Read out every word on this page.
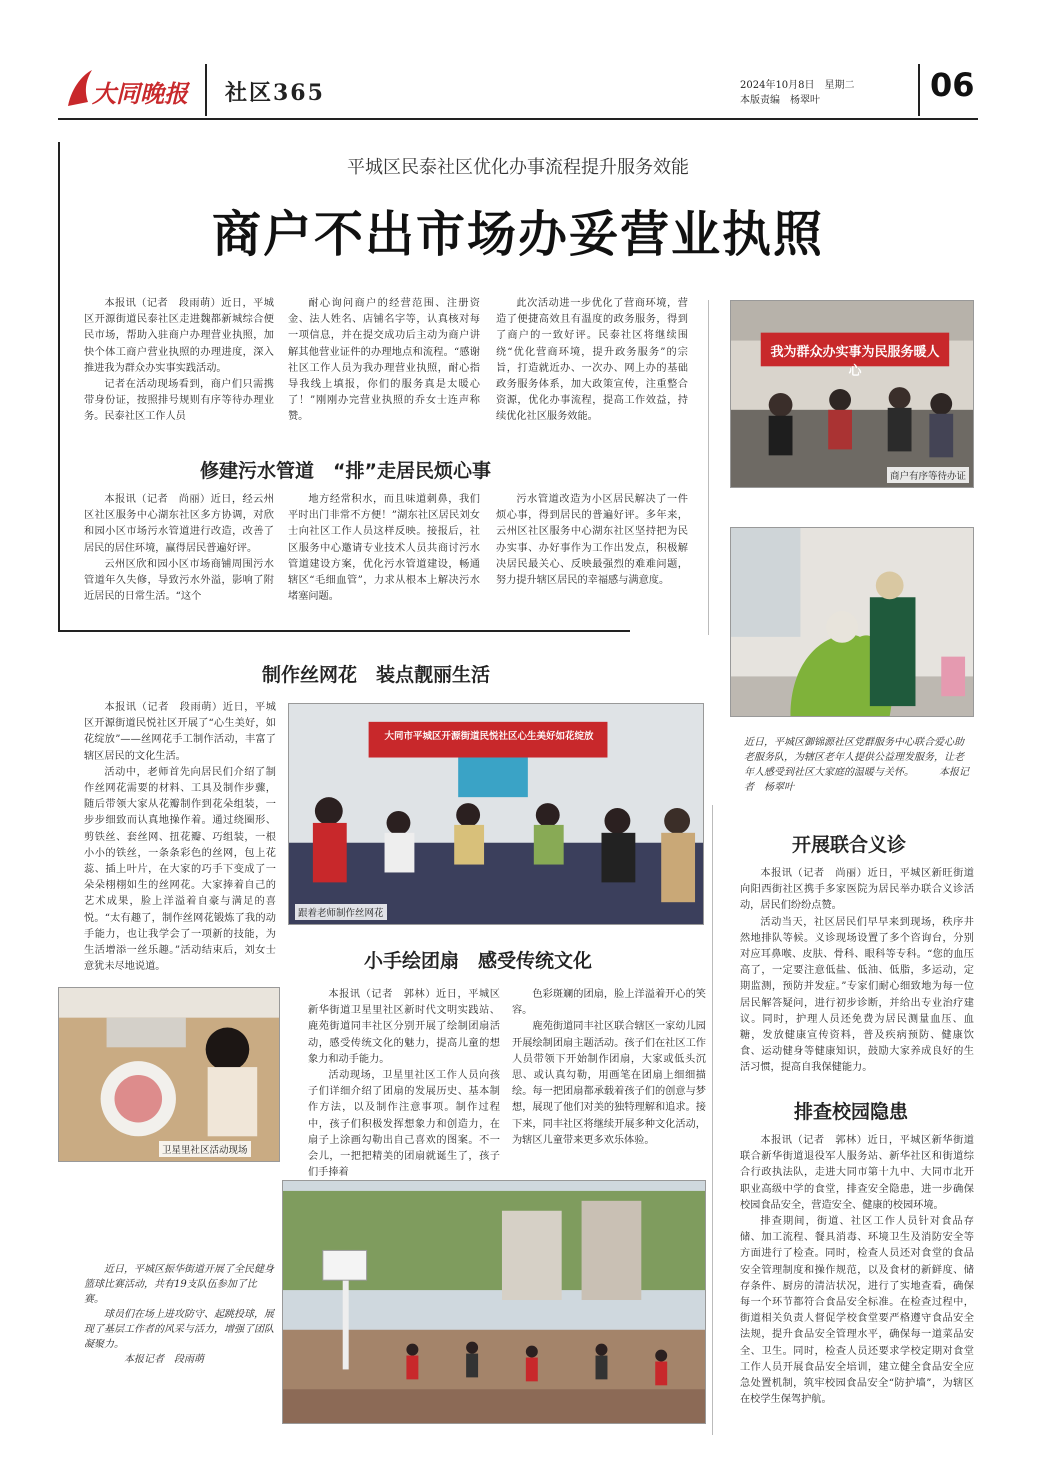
大同晚报 社区365	2024年10月8日　星期二
本版责编　杨翠叶	06
平城区民泰社区优化办事流程提升服务效能
商户不出市场办妥营业执照

本报讯（记者　段雨萌）近日，平城区开源街道民泰社区走进魏都新城综合便民市场，帮助入驻商户办理营业执照，加快个体工商户营业执照的办理进度，深入推进我为群众办实事实践活动。

记者在活动现场看到，商户们只需携带身份证，按照排号规则有序等待办理业务。民泰社区工作人员

耐心询问商户的经营范围、注册资金、法人姓名、店铺名字等，认真核对每一项信息，并在提交成功后主动为商户讲解其他营业证件的办理地点和流程。“感谢社区工作人员为我办理营业执照，耐心指导我线上填报，你们的服务真是太暖心了！”刚刚办完营业执照的乔女士连声称赞。

此次活动进一步优化了营商环境，营造了便捷高效且有温度的政务服务，得到了商户的一致好评。民泰社区将继续围绕“优化营商环境，提升政务服务”的宗旨，打造就近办、一次办、网上办的基础政务服务体系，加大政策宣传，注重整合资源，优化办事流程，提高工作效益，持续优化社区服务效能。

我为群众办实事为民服务暖人心
商户有序等待办证
修建污水管道　“排”走居民烦心事

本报讯（记者　尚丽）近日，经云州区社区服务中心湖东社区多方协调，对欣和园小区市场污水管道进行改造，改善了居民的居住环境，赢得居民普遍好评。

云州区欣和园小区市场商铺周围污水管道年久失修，导致污水外溢，影响了附近居民的日常生活。“这个

地方经常积水，而且味道刺鼻，我们平时出门非常不方便！”湖东社区居民刘女士向社区工作人员这样反映。接报后，社区服务中心邀请专业技术人员共商讨污水管道建设方案，优化污水管道建设，畅通辖区“毛细血管”，力求从根本上解决污水堵塞问题。

污水管道改造为小区居民解决了一件烦心事，得到居民的普遍好评。多年来，云州区社区服务中心湖东社区坚持把为民办实事、办好事作为工作出发点，积极解决居民最关心、反映最强烈的难难问题，努力提升辖区居民的幸福感与满意度。

近日，平城区御锦源社区党群服务中心联合爱心助老服务队，为辖区老年人提供公益理发服务，让老年人感受到社区大家庭的温暖与关怀。　　　本报记者　杨翠叶
制作丝网花　装点靓丽生活

本报讯（记者　段雨萌）近日，平城区开源街道民悦社区开展了“心生美好，如花绽放”——丝网花手工制作活动，丰富了辖区居民的文化生活。

活动中，老师首先向居民们介绍了制作丝网花需要的材料、工具及制作步骤，随后带领大家从花瓣制作到花朵组装，一步步细致而认真地操作着。通过绕圈形、剪铁丝、套丝网、扭花瓣、巧组装，一根小小的铁丝，一条条彩色的丝网，包上花蕊、插上叶片，在大家的巧手下变成了一朵朵栩栩如生的丝网花。大家捧着自己的艺术成果，脸上洋溢着自豪与满足的喜悦。“太有趣了，制作丝网花锻炼了我的动手能力，也让我学会了一项新的技能，为生活增添一丝乐趣。”活动结束后，刘女士意犹未尽地说道。

大同市平城区开源街道民悦社区心生美好如花绽放
跟着老师制作丝网花
小手绘团扇　感受传统文化
卫星里社区活动现场

本报讯（记者　郭林）近日，平城区新华街道卫星里社区新时代文明实践站、鹿苑街道同丰社区分别开展了绘制团扇活动，感受传统文化的魅力，提高儿童的想象力和动手能力。

活动现场，卫星里社区工作人员向孩子们详细介绍了团扇的发展历史、基本制作方法，以及制作注意事项。制作过程中，孩子们积极发挥想象力和创造力，在扇子上涂画勾勒出自己喜欢的图案。不一会儿，一把把精美的团扇就诞生了，孩子们手捧着

色彩斑斓的团扇，脸上洋溢着开心的笑容。

鹿苑街道同丰社区联合辖区一家幼儿园开展绘制团扇主题活动。孩子们在社区工作人员带领下开始制作团扇，大家或低头沉思、或认真勾勒，用画笔在团扇上细细描绘。每一把团扇都承载着孩子们的创意与梦想，展现了他们对美的独特理解和追求。接下来，同丰社区将继续开展多种文化活动，为辖区儿童带来更多欢乐体验。

近日，平城区振华街道开展了全民健身篮球比赛活动，共有19支队伍参加了比赛。

球员们在场上进攻防守、起跳投球，展现了基层工作者的风采与活力，增强了团队凝聚力。

本报记者　段雨萌

开展联合义诊

本报讯（记者　尚丽）近日，平城区新旺街道向阳西街社区携手多家医院为居民举办联合义诊活动，居民们纷纷点赞。

活动当天，社区居民们早早来到现场，秩序井然地排队等候。义诊现场设置了多个咨询台，分别对应耳鼻喉、皮肤、骨科、眼科等专科。“您的血压高了，一定要注意低盐、低油、低脂，多运动，定期监测，预防并发症。”专家们耐心细致地为每一位居民解答疑问，进行初步诊断，并给出专业治疗建议。同时，护理人员还免费为居民测量血压、血糖，发放健康宣传资料，普及疾病预防、健康饮食、运动健身等健康知识，鼓励大家养成良好的生活习惯，提高自我保健能力。

排查校园隐患

本报讯（记者　郭林）近日，平城区新华街道联合新华街道退役军人服务站、新华社区和街道综合行政执法队，走进大同市第十九中、大同市北开职业高级中学的食堂，排查安全隐患，进一步确保校园食品安全，营造安全、健康的校园环境。

排查期间，街道、社区工作人员针对食品存储、加工流程、餐具消毒、环境卫生及消防安全等方面进行了检查。同时，检查人员还对食堂的食品安全管理制度和操作规范，以及食材的新鲜度、储存条件、厨房的清洁状况，进行了实地查看，确保每一个环节都符合食品安全标准。在检查过程中，街道相关负责人督促学校食堂要严格遵守食品安全法规，提升食品安全管理水平，确保每一道菜品安全、卫生。同时，检查人员还要求学校定期对食堂工作人员开展食品安全培训，建立健全食品安全应急处置机制，筑牢校园食品安全“防护墙”，为辖区在校学生保驾护航。
